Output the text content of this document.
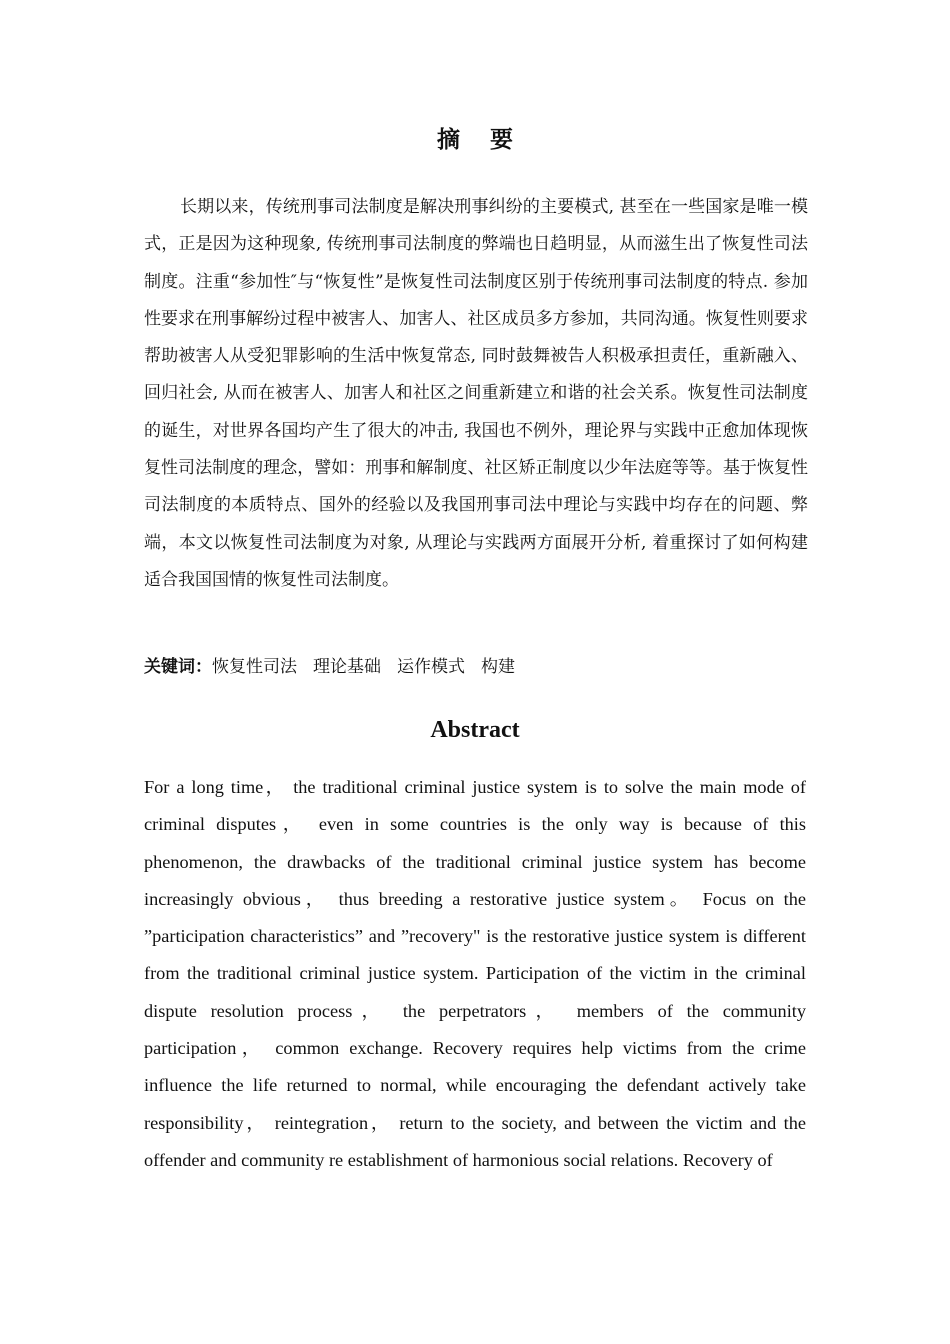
摘要

长期以来，传统刑事司法制度是解决刑事纠纷的主要模式, 甚至在一些国家是唯一模式，正是因为这种现象, 传统刑事司法制度的弊端也日趋明显，从而滋生出了恢复性司法制度。注重“参加性″与“恢复性”是恢复性司法制度区别于传统刑事司法制度的特点. 参加性要求在刑事解纷过程中被害人、加害人、社区成员多方参加，共同沟通。恢复性则要求帮助被害人从受犯罪影响的生活中恢复常态, 同时鼓舞被告人积极承担责任，重新融入、回归社会, 从而在被害人、加害人和社区之间重新建立和谐的社会关系。恢复性司法制度的诞生，对世界各国均产生了很大的冲击, 我国也不例外，理论界与实践中正愈加体现恢复性司法制度的理念，譬如：刑事和解制度、社区矫正制度以少年法庭等等。基于恢复性司法制度的本质特点、国外的经验以及我国刑事司法中理论与实践中均存在的问题、弊端，本文以恢复性司法制度为对象, 从理论与实践两方面展开分析, 着重探讨了如何构建适合我国国情的恢复性司法制度。

关键词：恢复性司法 理论基础 运作模式 构建
Abstract

For a long time， the traditional criminal justice system is to solve the main mode of criminal disputes， even in some countries is the only way is because of this phenomenon, the drawbacks of the traditional criminal justice system has become increasingly obvious， thus breeding a restorative justice system。 Focus on the ”participation characteristics” and ”recovery" is the restorative justice system is different from the traditional criminal justice system. Participation of the victim in the criminal dispute resolution process， the perpetrators， members of the community participation， common exchange. Recovery requires help victims from the crime influence the life returned to normal, while encouraging the defendant actively take responsibility， reintegration， return to the society, and between the victim and the offender and community re establishment of harmonious social relations. Recovery of
